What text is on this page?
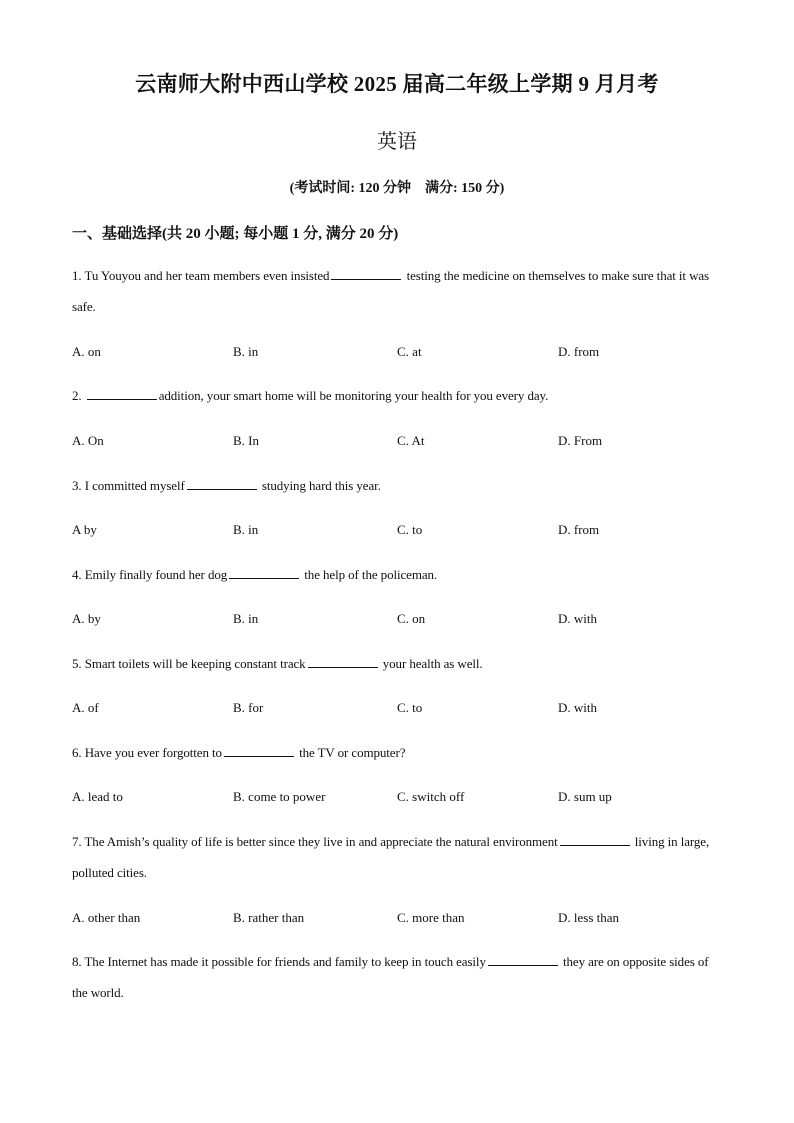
云南师大附中西山学校 2025 届高二年级上学期 9 月月考
英语
(考试时间: 120 分钟　满分: 150 分)
一、基础选择(共 20 小题; 每小题 1 分, 满分 20 分)
1. Tu Youyou and her team members even insisted	testing the medicine on themselves to make sure that it was safe.
A. on	B. in	C. at	D. from
2.	addition, your smart home will be monitoring your health for you every day.
A. On	B. In	C. At	D. From
3. I committed myself	studying hard this year.
A by	B. in	C. to	D. from
4. Emily finally found her dog	the help of the policeman.
A. by	B. in	C. on	D. with
5. Smart toilets will be keeping constant track	your health as well.
A. of	B. for	C. to	D. with
6. Have you ever forgotten to	the TV or computer?
A. lead to	B. come to power	C. switch off	D. sum up
7. The Amish’s quality of life is better since they live in and appreciate the natural environment	living in large, polluted cities.
A. other than	B. rather than	C. more than	D. less than
8. The Internet has made it possible for friends and family to keep in touch easily	they are on opposite sides of the world.
